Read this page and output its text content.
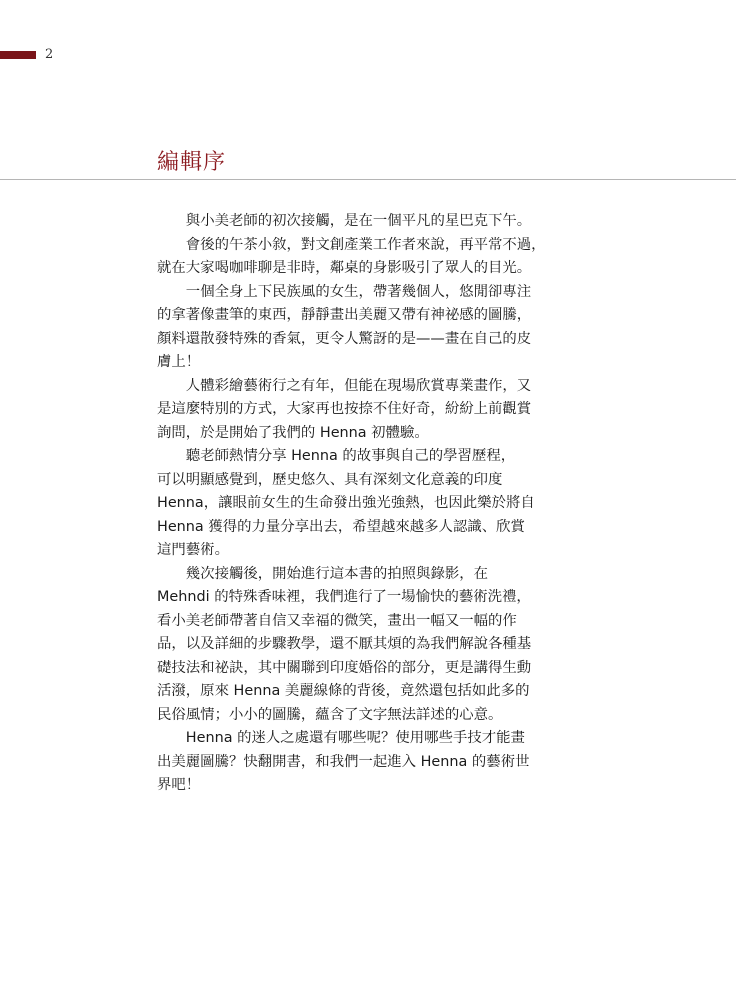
2
編輯序

與小美老師的初次接觸，是在一個平凡的星巴克下午。

會後的午茶小敘，對文創產業工作者來說，再平常不過，
就在大家喝咖啡聊是非時，鄰桌的身影吸引了眾人的目光。

一個全身上下民族風的女生，帶著幾個人，悠閒卻專注
的拿著像畫筆的東西，靜靜畫出美麗又帶有神祕感的圖騰，
顏料還散發特殊的香氣，更令人驚訝的是——畫在自己的皮
膚上！

人體彩繪藝術行之有年，但能在現場欣賞專業畫作，又
是這麼特別的方式，大家再也按捺不住好奇，紛紛上前觀賞
詢問，於是開始了我們的 Henna 初體驗。

聽老師熱情分享 Henna 的故事與自己的學習歷程，
可以明顯感覺到，歷史悠久、具有深刻文化意義的印度
Henna，讓眼前女生的生命發出強光強熱，也因此樂於將自
Henna 獲得的力量分享出去，希望越來越多人認識、欣賞
這門藝術。

幾次接觸後，開始進行這本書的拍照與錄影，在
Mehndi 的特殊香味裡，我們進行了一場愉快的藝術洗禮，
看小美老師帶著自信又幸福的微笑，畫出一幅又一幅的作
品，以及詳細的步驟教學，還不厭其煩的為我們解說各種基
礎技法和祕訣，其中關聯到印度婚俗的部分，更是講得生動
活潑，原來 Henna 美麗線條的背後，竟然還包括如此多的
民俗風情；小小的圖騰，蘊含了文字無法詳述的心意。

Henna 的迷人之處還有哪些呢？使用哪些手技才能畫
出美麗圖騰？快翻開書，和我們一起進入 Henna 的藝術世
界吧！
